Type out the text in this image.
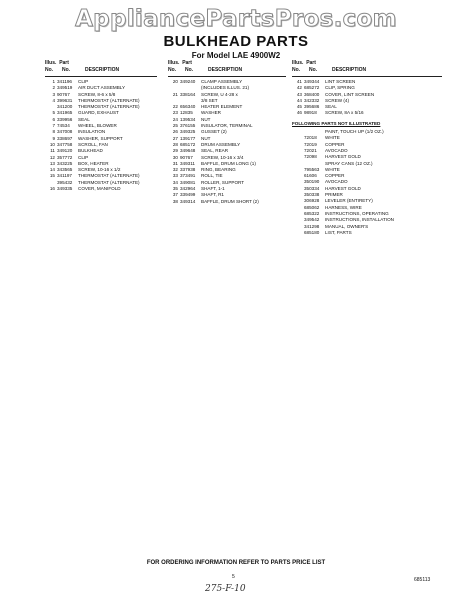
AppliancePartsPros.com
BULKHEAD PARTS
For Model LAE 4900W2
Illus. Part
No. No.	DESCRIPTION
1 341196	CLIP
2 349519	AIR DUCT ASSEMBLY
3 90767	SCREW, 8-6 x 5/8
4 399631	THERMOSTAT (ALTERNATE)
341200	THERMOSTAT (ALTERNATE)
5 341965	GUARD, EXHAUST
6 339956	SEAL
7 74534	WHEEL, BLOWER
8 347008	INSULATION
9 338697	WASHER, SUPPORT
10 347758	SCROLL, FAN
11 349120	BULKHEAD
12 357772	CLIP
13 343225	BOX, HEATER
14 343565	SCREW, 10-16 x 1/2
15 341197	THERMOSTAT (ALTERNATE)
395432	THERMOSTAT (ALTERNATE)
16 349335	COVER, MANIFOLD
Illus. Part
No. No.	DESCRIPTION
20 349240	CLAMP ASSEMBLY
(INCLUDES ILLUS. 21)
21 338164	SCREW, U 4-28 x
3/8 SET
22 656340	HEATER ELEMENT
23 12835	WASHER
24 139534	NUT
25 376155	INSULATOR, TERMINAL
26 349325	GUSSET (2)
27 139177	NUT
28 685172	DRUM ASSEMBLY
29 349648	SEAL, REAR
30 90767	SCREW, 10-16 x 3/4
31 349311	BAFFLE, DRUM LONG (1)
32 337938	RING, BEARING
33 373491	ROLL, TIE
34 349081	ROLLER, SUPPORT
35 342964	SHAFT, 1-1
37 339499	SHAFT, R1
38 349314	BAFFLE, DRUM SHORT (2)
Illus. Part
No. No.	DESCRIPTION
41 349344	LINT SCREEN
42 685272	CLIP, SPRING
43 368400	COVER, LINT SCREEN
44 342332	SCREW (4)
45 395686	SEAL
46 98918	SCREW, 8A x 5/16
FOLLOWING PARTS NOT ILLUSTRATED
PAINT, TOUCH UP (1/2 OZ.)
72018	WHITE
72019	COPPER
72021	AVOCADO
72098	HARVEST GOLD
SPRAY CANS (12 OZ.)
795563	WHITE
61606	COPPER
350190	AVOCADO
350334	HARVEST GOLD
350338	PRIMER
306928	LEVELER (ENTIRETY)
685062	HARNESS, WIRE
685322	INSTRUCTIONS, OPERATING
349542	INSTRUCTIONS, INSTALLATION
341298	MANUAL, OWNER'S
685180	LIST, PARTS
FOR ORDERING INFORMATION REFER TO PARTS PRICE LIST
5	685113
275-F-10
